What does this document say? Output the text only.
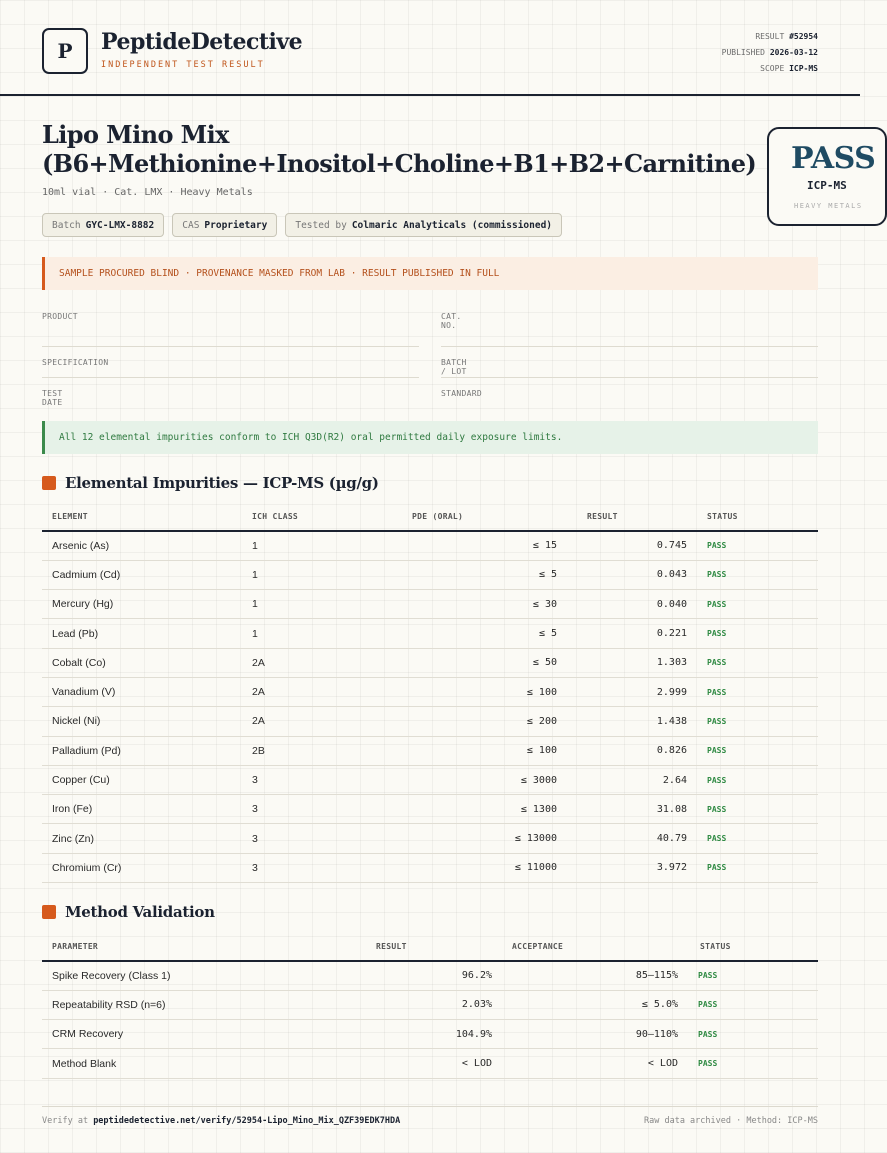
P	PeptideDetective
INDEPENDENT TEST RESULT
RESULT #52954
PUBLISHED 2026-03-12
SCOPE ICP-MS
Lipo Mino Mix
(B6+Methionine+Inositol+Choline+B1+B2+Carnitine)
10ml vial · Cat. LMX · Heavy Metals
Batch GYC-LMX-8882	CAS Proprietary	Tested by Colmaric Analyticals (commissioned)
PASS
ICP-MS
HEAVY METALS
SAMPLE PROCURED BLIND · PROVENANCE MASKED FROM LAB · RESULT PUBLISHED IN FULL
PRODUCT	CAT. NO.
SPECIFICATION	BATCH / LOT
TEST DATE
STANDARD
All 12 elemental impurities conform to ICH Q3D(R2) oral permitted daily exposure limits.
Elemental Impurities — ICP-MS (µg/g)
ELEMENT	ICH CLASS	PDE (ORAL)	RESULT	STATUS
Arsenic (As)	1	≤ 15	0.745	PASS
Cadmium (Cd)	1	≤ 5	0.043	PASS
Mercury (Hg)	1	≤ 30	0.040	PASS
Lead (Pb)	1	≤ 5	0.221	PASS
Cobalt (Co)	2A	≤ 50	1.303	PASS
Vanadium (V)	2A	≤ 100	2.999	PASS
Nickel (Ni)	2A	≤ 200	1.438	PASS
Palladium (Pd)	2B	≤ 100	0.826	PASS
Copper (Cu)	3	≤ 3000	2.64	PASS
Iron (Fe)	3	≤ 1300	31.08	PASS
Zinc (Zn)	3	≤ 13000	40.79	PASS
Chromium (Cr)	3	≤ 11000	3.972	PASS
Method Validation
PARAMETER	RESULT	ACCEPTANCE	STATUS
Spike Recovery (Class 1)	96.2%	85–115%	PASS
Repeatability RSD (n=6)	2.03%	≤ 5.0%	PASS
CRM Recovery	104.9%	90–110%	PASS
Method Blank	< LOD	< LOD	PASS
Verify at peptidedetective.net/verify/52954-Lipo_Mino_Mix_QZF39EDK7HDA	Raw data archived · Method: ICP-MS
